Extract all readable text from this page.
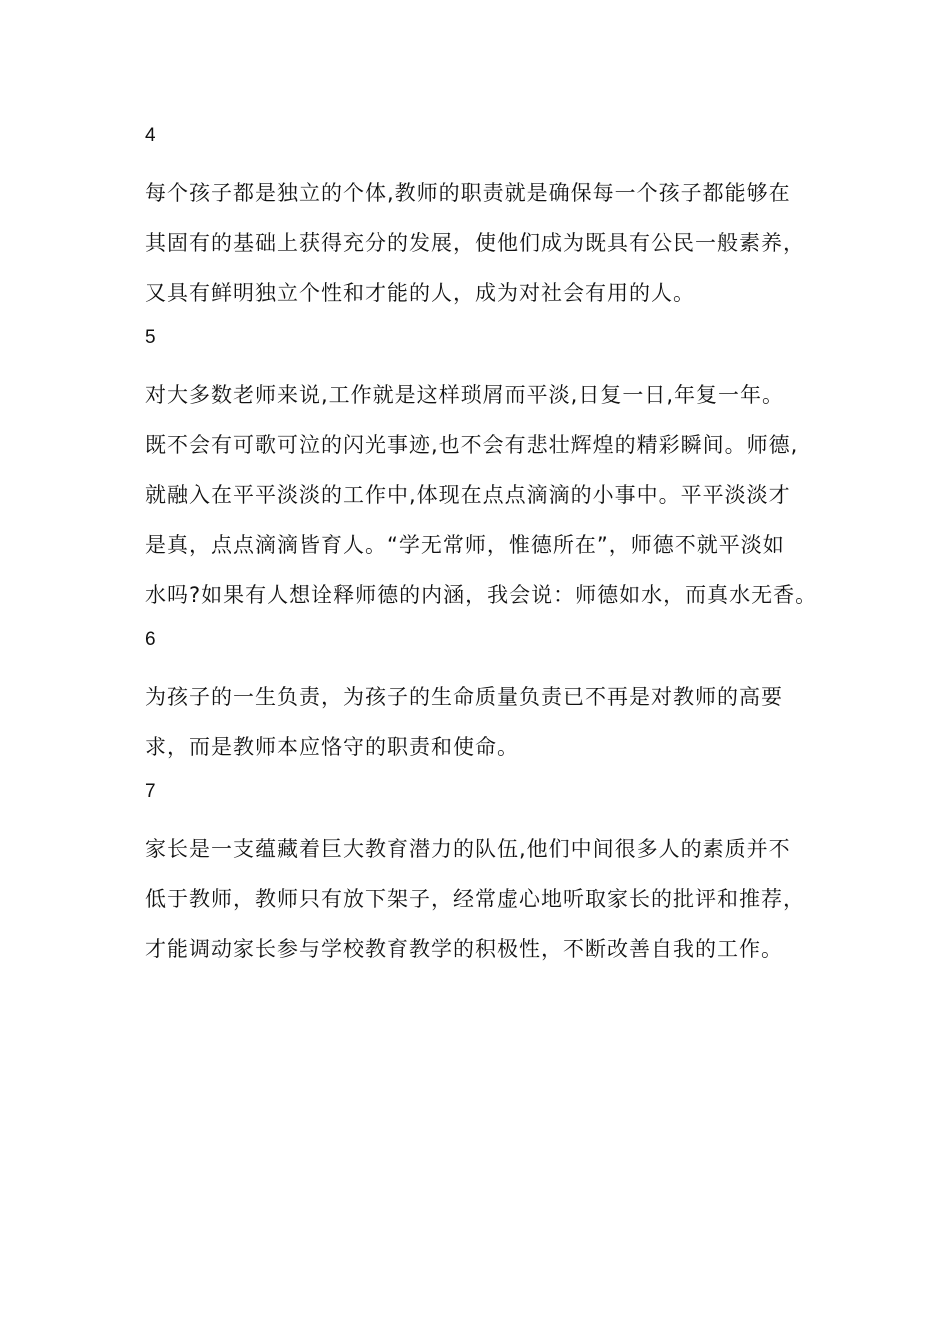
4
每个孩子都是独立的个体,教师的职责就是确保每一个孩子都能够在
其固有的基础上获得充分的发展，使他们成为既具有公民一般素养，
又具有鲜明独立个性和才能的人，成为对社会有用的人。
5
对大多数老师来说,工作就是这样琐屑而平淡,日复一日,年复一年。
既不会有可歌可泣的闪光事迹,也不会有悲壮辉煌的精彩瞬间。师德,
就融入在平平淡淡的工作中,体现在点点滴滴的小事中。平平淡淡才
是真，点点滴滴皆育人。“学无常师，惟德所在”，师德不就平淡如
水吗?如果有人想诠释师德的内涵，我会说：师德如水，而真水无香。
6
为孩子的一生负责，为孩子的生命质量负责已不再是对教师的高要
求，而是教师本应恪守的职责和使命。
7
家长是一支蕴藏着巨大教育潜力的队伍,他们中间很多人的素质并不
低于教师，教师只有放下架子，经常虚心地听取家长的批评和推荐，
才能调动家长参与学校教育教学的积极性，不断改善自我的工作。
